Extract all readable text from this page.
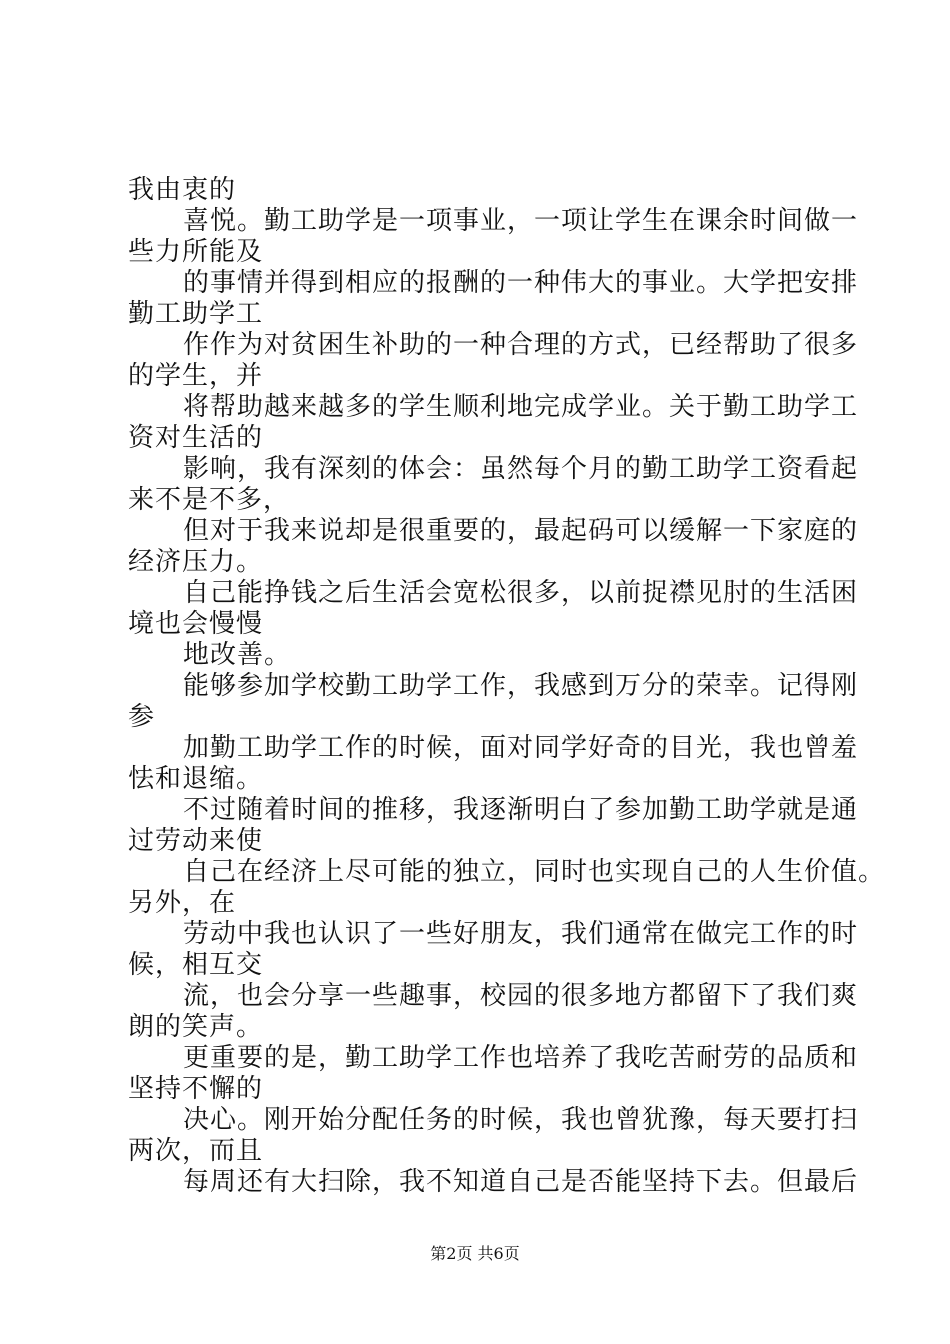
我由衷的
喜悦。勤工助学是一项事业，一项让学生在课余时间做一
些力所能及
的事情并得到相应的报酬的一种伟大的事业。大学把安排
勤工助学工
作作为对贫困生补助的一种合理的方式，已经帮助了很多
的学生，并
将帮助越来越多的学生顺利地完成学业。关于勤工助学工
资对生活的
影响，我有深刻的体会：虽然每个月的勤工助学工资看起
来不是不多，
但对于我来说却是很重要的，最起码可以缓解一下家庭的
经济压力。
自己能挣钱之后生活会宽松很多，以前捉襟见肘的生活困
境也会慢慢
地改善。
能够参加学校勤工助学工作，我感到万分的荣幸。记得刚
参
加勤工助学工作的时候，面对同学好奇的目光，我也曾羞
怯和退缩。
不过随着时间的推移，我逐渐明白了参加勤工助学就是通
过劳动来使
自己在经济上尽可能的独立，同时也实现自己的人生价值。
另外，在
劳动中我也认识了一些好朋友，我们通常在做完工作的时
候，相互交
流，也会分享一些趣事，校园的很多地方都留下了我们爽
朗的笑声。
更重要的是，勤工助学工作也培养了我吃苦耐劳的品质和
坚持不懈的
决心。刚开始分配任务的时候，我也曾犹豫，每天要打扫
两次，而且
每周还有大扫除，我不知道自己是否能坚持下去。但最后
第2页 共6页
